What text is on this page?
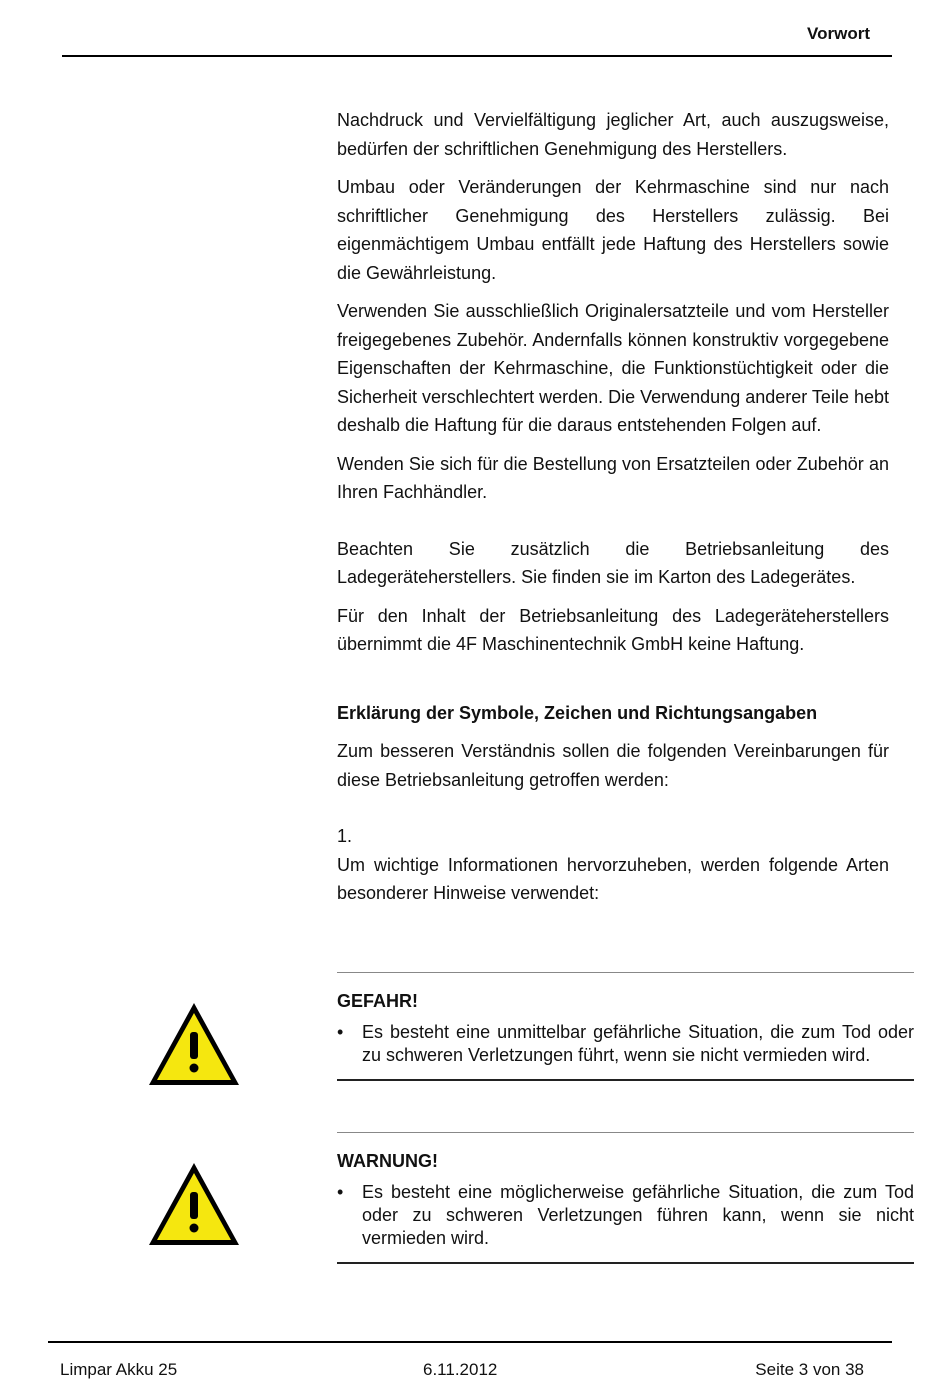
Vorwort

Nachdruck und Vervielfältigung jeglicher Art, auch auszugsweise, bedürfen der schriftlichen Genehmigung des Herstellers.

Umbau oder Veränderungen der Kehrmaschine sind nur nach schriftlicher Genehmigung des Herstellers zulässig. Bei eigenmächtigem Umbau entfällt jede Haftung des Herstellers sowie die Gewährleistung.

Verwenden Sie ausschließlich Originalersatzteile und vom Hersteller freigegebenes Zubehör. Andernfalls können konstruktiv vorgegebene Eigenschaften der Kehrmaschine, die Funktionstüchtigkeit oder die Sicherheit verschlechtert werden. Die Verwendung anderer Teile hebt deshalb die Haftung für die daraus entstehenden Folgen auf.

Wenden Sie sich für die Bestellung von Ersatzteilen oder Zubehör an Ihren Fachhändler.

Beachten Sie zusätzlich die Betriebsanleitung des Ladegeräteherstellers. Sie finden sie im Karton des Ladegerätes.

Für den Inhalt der Betriebsanleitung des Ladegeräteherstellers übernimmt die 4F Maschinentechnik GmbH keine Haftung.

Erklärung der Symbole, Zeichen und Richtungsangaben

Zum besseren Verständnis sollen die folgenden Vereinbarungen für diese Betriebsanleitung getroffen werden:

1.

Um wichtige Informationen hervorzuheben, werden folgende Arten besonderer Hinweise verwendet:

GEFAHR!
• Es besteht eine unmittelbar gefährliche Situation, die zum Tod oder zu schweren Verletzungen führt, wenn sie nicht vermieden wird.
WARNUNG!
• Es besteht eine möglicherweise gefährliche Situation, die zum Tod oder zu schweren Verletzungen führen kann, wenn sie nicht vermieden wird.
Limpar Akku 25	6.11.2012	Seite 3 von 38
